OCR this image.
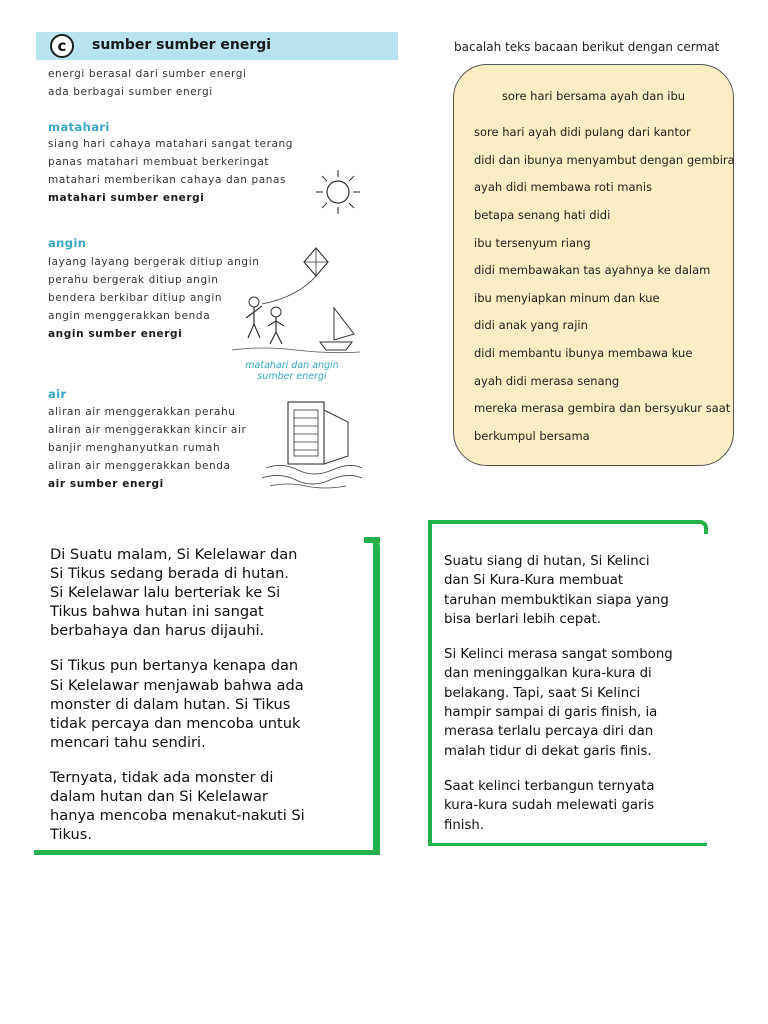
c	sumber sumber energi
energi berasal dari sumber energi
ada berbagai sumber energi
matahari
siang hari cahaya matahari sangat terang
panas matahari membuat berkeringat
matahari memberikan cahaya dan panas
matahari sumber energi
angin
layang layang bergerak ditiup angin
perahu bergerak ditiup angin
bendera berkibar ditiup angin
angin menggerakkan benda
angin sumber energi
matahari dan angin sumber energi
air
aliran air menggerakkan perahu
aliran air menggerakkan kincir air
banjir menghanyutkan rumah
aliran air menggerakkan benda
air sumber energi
bacalah teks bacaan berikut dengan cermat
sore hari bersama ayah dan ibu
sore hari ayah didi pulang dari kantor
didi dan ibunya menyambut dengan gembira
ayah didi membawa roti manis
betapa senang hati didi
ibu tersenyum riang
didi membawakan tas ayahnya ke dalam
ibu menyiapkan minum dan kue
didi anak yang rajin
didi membantu ibunya membawa kue
ayah didi merasa senang
mereka merasa gembira dan bersyukur saat
berkumpul bersama

Di Suatu malam, Si Kelelawar dan
Si Tikus sedang berada di hutan.
Si Kelelawar lalu berteriak ke Si
Tikus bahwa hutan ini sangat
berbahaya dan harus dijauhi.

Si Tikus pun bertanya kenapa dan
Si Kelelawar menjawab bahwa ada
monster di dalam hutan. Si Tikus
tidak percaya dan mencoba untuk
mencari tahu sendiri.

Ternyata, tidak ada monster di
dalam hutan dan Si Kelelawar
hanya mencoba menakut-nakuti Si
Tikus.

Suatu siang di hutan, Si Kelinci
dan Si Kura-Kura membuat
taruhan membuktikan siapa yang
bisa berlari lebih cepat.

Si Kelinci merasa sangat sombong
dan meninggalkan kura-kura di
belakang. Tapi, saat Si Kelinci
hampir sampai di garis finish, ia
merasa terlalu percaya diri dan
malah tidur di dekat garis finis.

Saat kelinci terbangun ternyata
kura-kura sudah melewati garis
finish.
